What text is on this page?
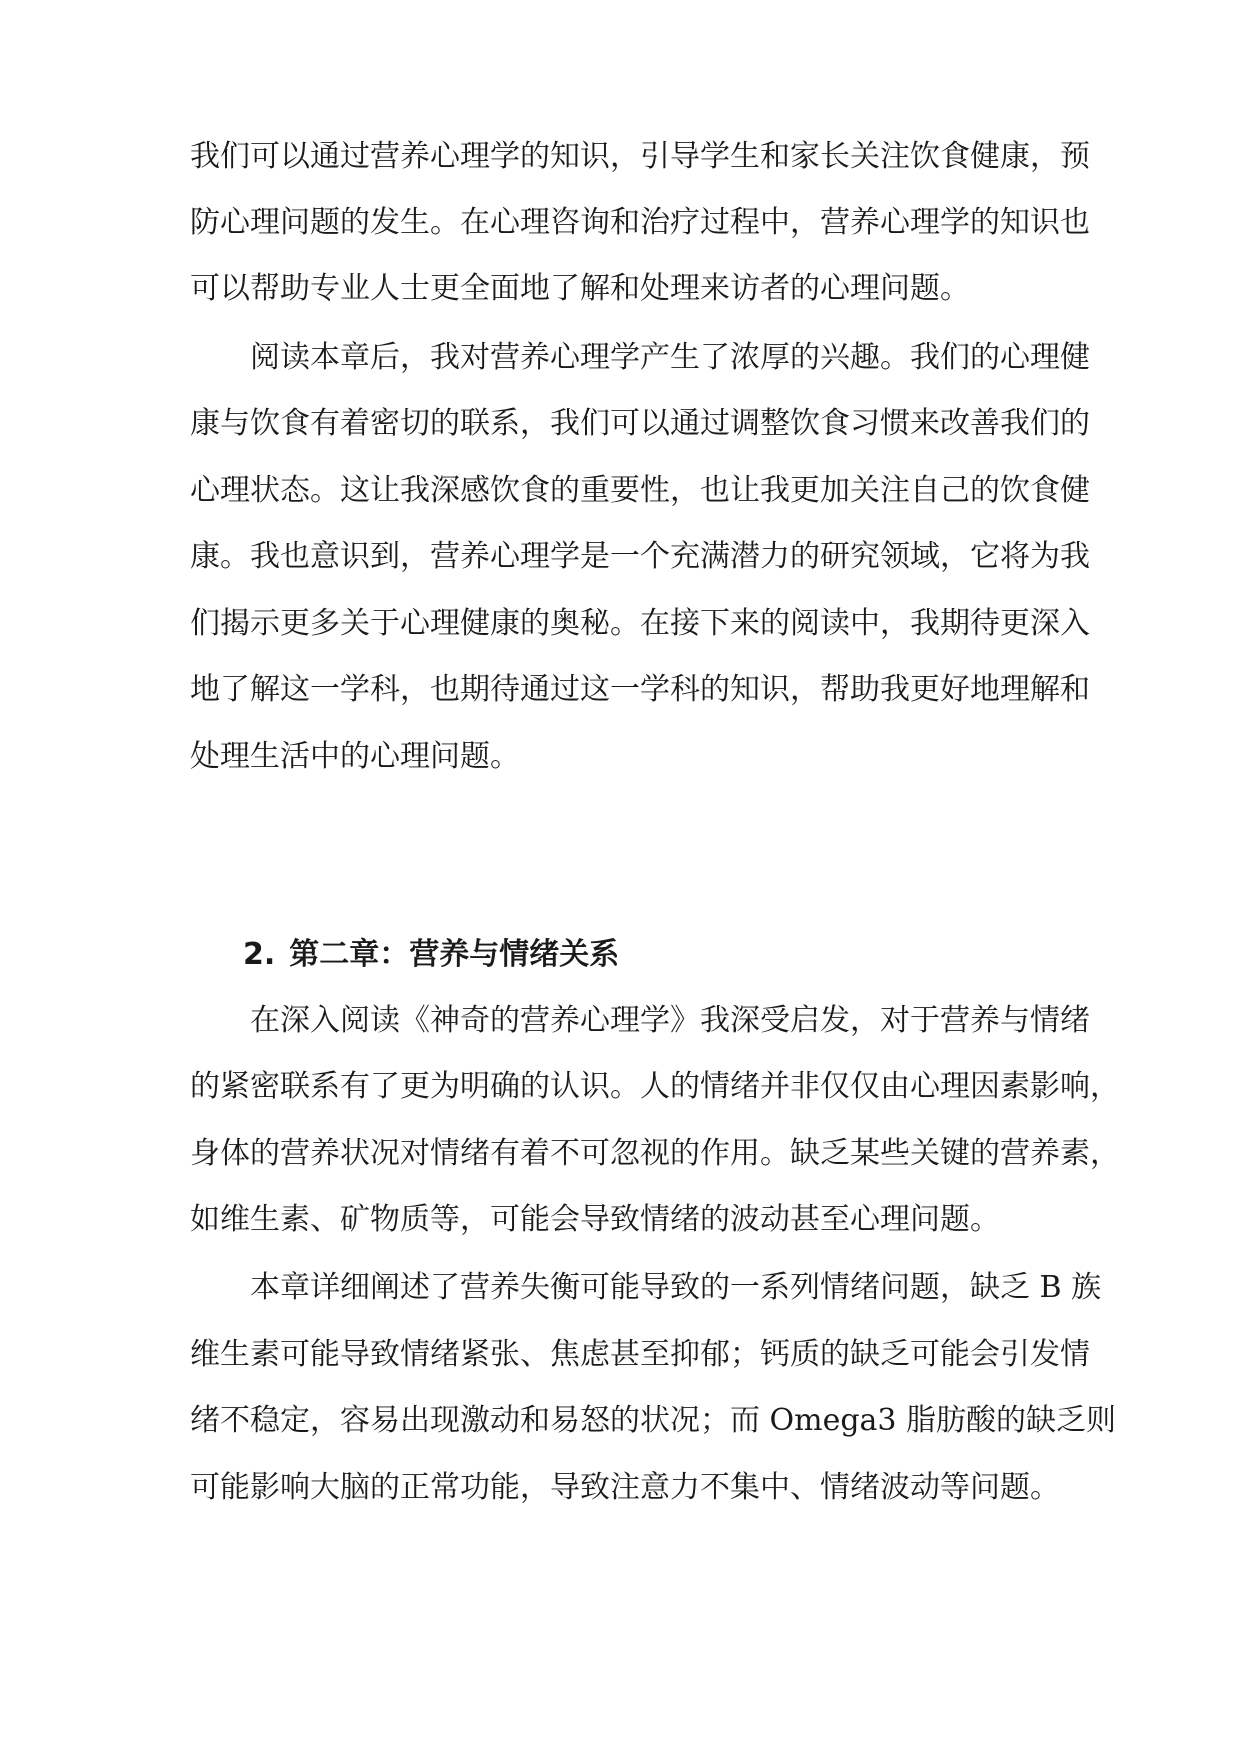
我们可以通过营养心理学的知识，引导学生和家长关注饮食健康，预
防心理问题的发生。在心理咨询和治疗过程中，营养心理学的知识也
可以帮助专业人士更全面地了解和处理来访者的心理问题。
阅读本章后，我对营养心理学产生了浓厚的兴趣。我们的心理健
康与饮食有着密切的联系，我们可以通过调整饮食习惯来改善我们的
心理状态。这让我深感饮食的重要性，也让我更加关注自己的饮食健
康。我也意识到，营养心理学是一个充满潜力的研究领域，它将为我
们揭示更多关于心理健康的奥秘。在接下来的阅读中，我期待更深入
地了解这一学科，也期待通过这一学科的知识，帮助我更好地理解和
处理生活中的心理问题。
2. 第二章：营养与情绪关系
在深入阅读《神奇的营养心理学》我深受启发，对于营养与情绪
的紧密联系有了更为明确的认识。人的情绪并非仅仅由心理因素影响，
身体的营养状况对情绪有着不可忽视的作用。缺乏某些关键的营养素，
如维生素、矿物质等，可能会导致情绪的波动甚至心理问题。
本章详细阐述了营养失衡可能导致的一系列情绪问题，缺乏 B 族
维生素可能导致情绪紧张、焦虑甚至抑郁；钙质的缺乏可能会引发情
绪不稳定，容易出现激动和易怒的状况；而 Omega3 脂肪酸的缺乏则
可能影响大脑的正常功能，导致注意力不集中、情绪波动等问题。
